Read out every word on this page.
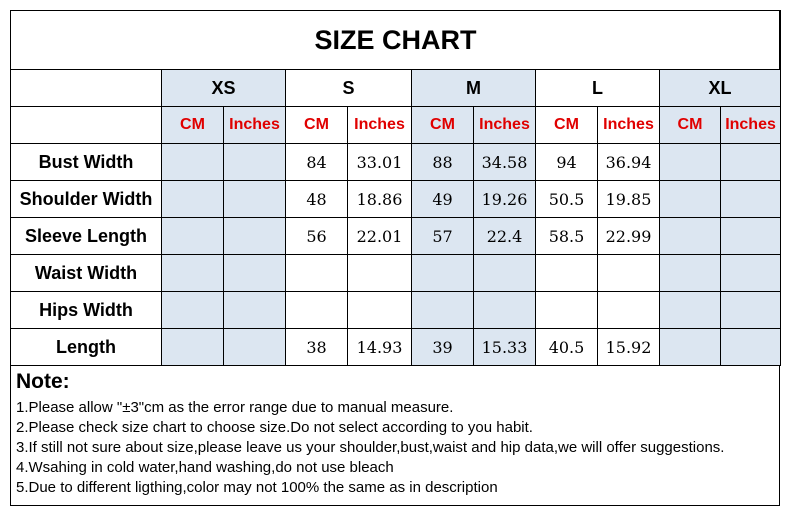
SIZE CHART										
	XS		S		M		L		XL	
	CM	Inches	CM	Inches	CM	Inches	CM	Inches	CM	Inches
Bust Width			84	33.01	88	34.58	94	36.94		
Shoulder Width			48	18.86	49	19.26	50.5	19.85		
Sleeve Length			56	22.01	57	22.4	58.5	22.99		
Waist Width										
Hips Width										
Length			38	14.93	39	15.33	40.5	15.92		
Note:
1.Please allow "±3"cm as the error range due to manual measure.
2.Please check size chart to choose size.Do not select according to you habit.
3.If still not sure about size,please leave us your shoulder,bust,waist and hip data,we will offer suggestions.
4.Wsahing in cold water,hand washing,do not use bleach
5.Due to different ligthing,color may not 100% the same as in description
